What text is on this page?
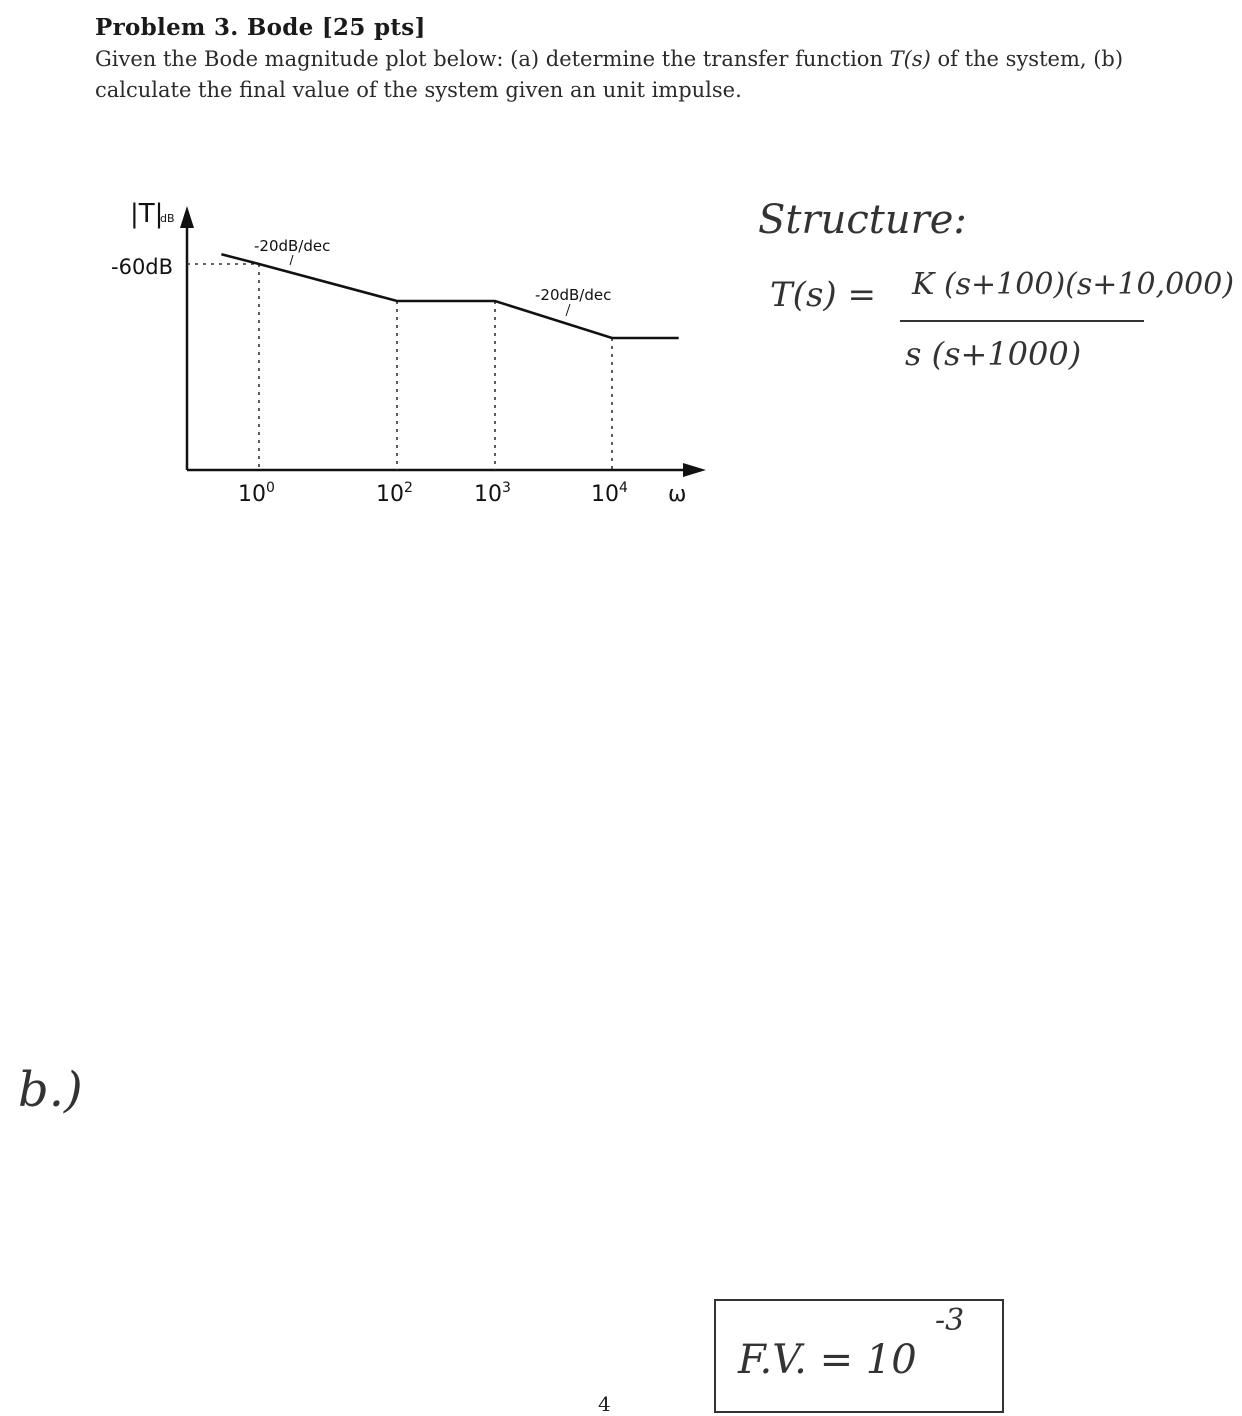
Problem 3. Bode [25 pts]
Given the Bode magnitude plot below: (a) determine the transfer function T(s) of the system, (b) calculate the final value of the system given an unit impulse.
|T|
dB
-60dB
$10^0$	$10^2$	$10^3$	$10^4$
-20dB/dec
-20dB/dec
ω
Structure:
T(s) = K (s+100)(s+10,000)
s (s+1000)
b.)
F.V. = 10
-3
4
